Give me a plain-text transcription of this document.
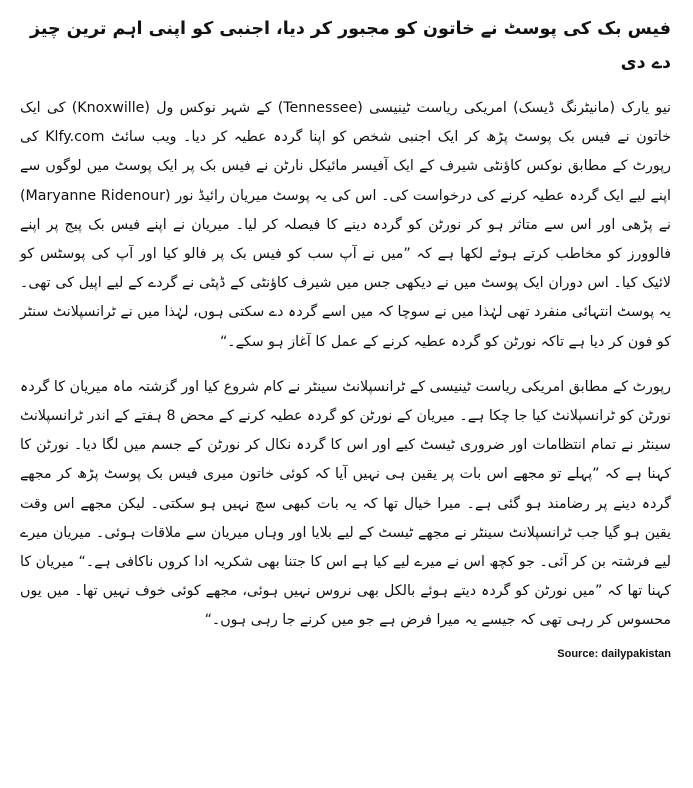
فیس بک کی پوسٹ نے خاتون کو مجبور کر دیا، اجنبی کو اپنی اہم ترین چیز دے دی

نیو یارک (مانیٹرنگ ڈیسک) امریکی ریاست ٹینیسی (Tennessee) کے شہر نوکس ول (Knoxwille) کی ایک خاتون نے فیس بک پوسٹ پڑھ کر ایک اجنبی شخص کو اپنا گردہ عطیہ کر دیا۔ ویب سائٹ Klfy.com کی رپورٹ کے مطابق نوکس کاؤنٹی شیرف کے ایک آفیسر مائیکل نارٹن نے فیس بک پر ایک پوسٹ میں لوگوں سے اپنے لیے ایک گردہ عطیہ کرنے کی درخواست کی۔ اس کی یہ پوسٹ میریان رائیڈ نور (Maryanne Ridenour) نے پڑھی اور اس سے متاثر ہو کر نورٹن کو گردہ دینے کا فیصلہ کر لیا۔ میریان نے اپنے فیس بک پیج پر اپنے فالوورز کو مخاطب کرتے ہوئے لکھا ہے کہ ”میں نے آپ سب کو فیس بک پر فالو کیا اور آپ کی پوسٹس کو لائیک کیا۔ اس دوران ایک پوسٹ میں نے دیکھی جس میں شیرف کاؤنٹی کے ڈپٹی نے گردے کے لیے اپیل کی تھی۔ یہ پوسٹ انتہائی منفرد تھی لہٰذا میں نے سوچا کہ میں اسے گردہ دے سکتی ہوں، لہٰذا میں نے ٹرانسپلانٹ سنٹر کو فون کر دیا ہے تاکہ نورٹن کو گردہ عطیہ کرنے کے عمل کا آغاز ہو سکے۔“

رپورٹ کے مطابق امریکی ریاست ٹینیسی کے ٹرانسپلانٹ سینٹر نے کام شروع کیا اور گزشتہ ماہ میریان کا گردہ نورٹن کو ٹرانسپلانٹ کیا جا چکا ہے۔ میریان کے نورٹن کو گردہ عطیہ کرنے کے محض 8 ہفتے کے اندر ٹرانسپلانٹ سینٹر نے تمام انتظامات اور ضروری ٹیسٹ کیے اور اس کا گردہ نکال کر نورٹن کے جسم میں لگا دیا۔ نورٹن کا کہنا ہے کہ ”پہلے تو مجھے اس بات پر یقین ہی نہیں آیا کہ کوئی خاتون میری فیس بک پوسٹ پڑھ کر مجھے گردہ دینے پر رضامند ہو گئی ہے۔ میرا خیال تھا کہ یہ بات کبھی سچ نہیں ہو سکتی۔ لیکن مجھے اس وقت یقین ہو گیا جب ٹرانسپلانٹ سینٹر نے مجھے ٹیسٹ کے لیے بلایا اور وہاں میریان سے ملاقات ہوئی۔ میریان میرے لیے فرشتہ بن کر آئی۔ جو کچھ اس نے میرے لیے کیا ہے اس کا جتنا بھی شکریہ ادا کروں ناکافی ہے۔“ میریان کا کہنا تھا کہ ”میں نورٹن کو گردہ دیتے ہوئے بالکل بھی نروس نہیں ہوئی، مجھے کوئی خوف نہیں تھا۔ میں یوں محسوس کر رہی تھی کہ جیسے یہ میرا فرض ہے جو میں کرنے جا رہی ہوں۔“

Source: dailypakistan
